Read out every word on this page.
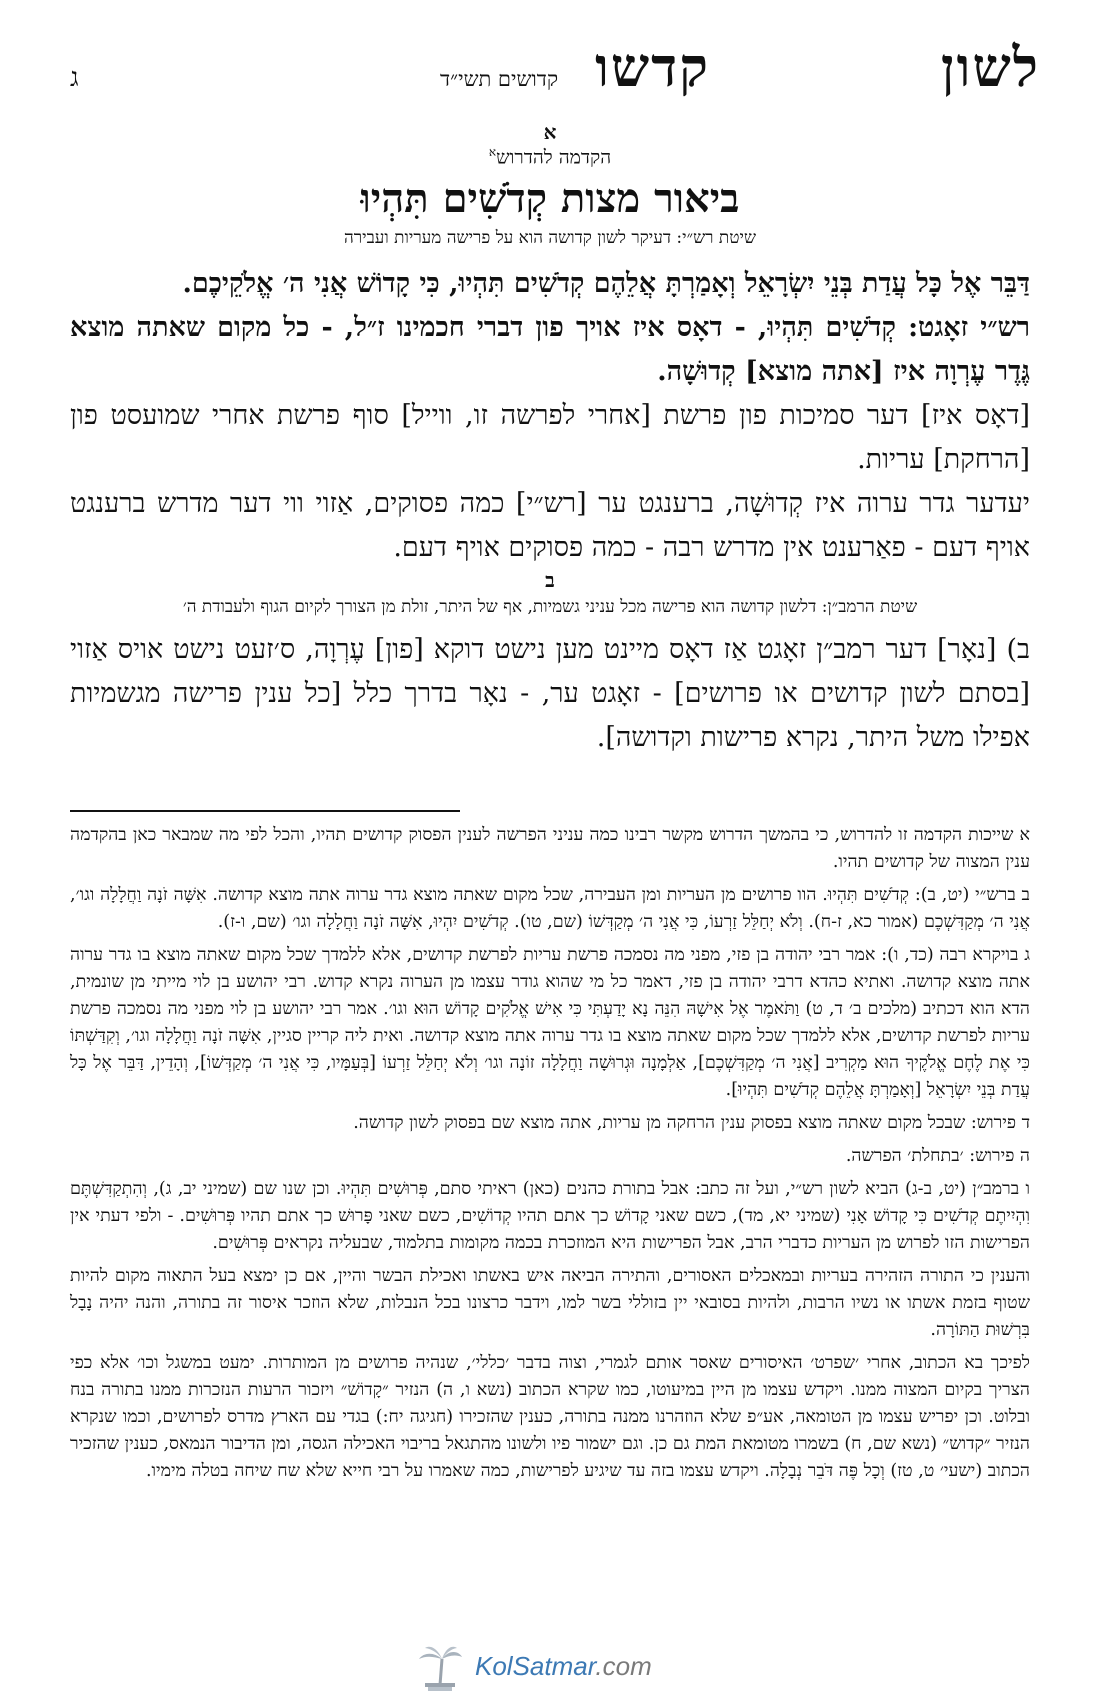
לשון
קדשו
קדושים תשי״ד
ג
א
הקדמה להדרוש$^א$
ביאור מצות קְדֹשִׁים תִּהְיוּ
שיטת רש״י: דעיקר לשון קדושה הוא על פרישה מעריות ועבירה
דַּבֵּר אֶל כָּל עֲדַת בְּנֵי יִשְׂרָאֵל וְאָמַרְתָּ אֲלֵהֶם קְדֹשִׁים תִּהְיוּ, כִּי קָדוֹשׁ אֲנִי ה׳ אֱלֹקֵיכֶם.
רש״י זאָגט: קְדֹשִׁים תִּהְיוּ, - דאָס איז אויך פון דברי חכמינו ז״ל, - כל מקום שאתה מוצא גֶּדֶר עֶרְוָה איז [אתה מוצא] קְדוּשָׁה.
[דאָס איז] דער סמיכות פון פרשת [אחרי לפרשה זו, ווייל] סוף פרשת אחרי שמועסט פון [הרחקת] עריות.
יעדער גדר ערוה איז קְדוּשָׁה, ברענגט ער [רש״י] כמה פסוקים, אַזוי ווי דער מדרש ברענגט אויף דעם - פאַרענט אין מדרש רבה - כמה פסוקים אויף דעם.
ב
שיטת הרמב״ן: דלשון קדושה הוא פרישה מכל עניני גשמיות, אף של היתר, זולת מן הצורך לקיום הגוף ולעבודת ה׳
ב) [נאָר] דער רמב״ן זאָגט אַז דאָס מיינט מען נישט דוקא [פון] עֶרְוָה, ס׳זעט נישט אויס אַזוי [בסתם לשון קדושים או פרושים] - זאָגט ער, - נאָר בדרך כלל [כל ענין פרישה מגשמיות אפילו משל היתר, נקרא פרישות וקדושה].

א שייכות הקדמה זו להדרוש, כי בהמשך הדרוש מקשר רבינו כמה עניני הפרשה לענין הפסוק קדושים תהיו, והכל לפי מה שמבאר כאן בהקדמה ענין המצוה של קדושים תהיו.

ב ברש״י (יט, ב): קְדֹשִׁים תִּהְיוּ. הוו פרושים מן העריות ומן העבירה, שכל מקום שאתה מוצא גדר ערוה אתה מוצא קדושה. אִשָּׁה זֹנָה וַחֲלָלָה וגו׳, אֲנִי ה׳ מְקַדִּשְׁכֶם (אמור כא, ז-ח). וְלֹא יְחַלֵּל זַרְעוֹ, כִּי אֲנִי ה׳ מְקַדְּשׁוֹ (שם, טו). קְדֹשִׁים יִהְיוּ, אִשָּׁה זֹנָה וַחֲלָלָה וגו׳ (שם, ו-ז).

ג בויקרא רבה (כד, ו): אמר רבי יהודה בן פזי, מפני מה נסמכה פרשת עריות לפרשת קדושים, אלא ללמדך שכל מקום שאתה מוצא בו גדר ערוה אתה מוצא קדושה. ואתיא כהדא דרבי יהודה בן פזי, דאמר כל מי שהוא גודר עצמו מן הערוה נקרא קדוש. רבי יהושע בן לוי מייתי מן שונמית, הדא הוא דכתיב (מלכים ב׳ ד, ט) וַתֹּאמֶר אֶל אִישָׁהּ הִנֵּה נָא יָדַעְתִּי כִּי אִישׁ אֱלֹקִים קָדוֹשׁ הוּא וגו׳. אמר רבי יהושע בן לוי מפני מה נסמכה פרשת עריות לפרשת קדושים, אלא ללמדך שכל מקום שאתה מוצא בו גדר ערוה אתה מוצא קדושה. ואית ליה קריין סגיין, אִשָּׁה זֹנָה וַחֲלָלָה וגו׳, וְקִדַּשְׁתּוֹ כִּי אֶת לֶחֶם אֱלֹקֶיךָ הוּא מַקְרִיב [אֲנִי ה׳ מְקַדִּשְׁכֶם], אַלְמָנָה וּגְרוּשָׁה וַחֲלָלָה זוֹנָה וגו׳ וְלֹא יְחַלֵּל זַרְעוֹ [בְּעַמָּיו, כִּי אֲנִי ה׳ מְקַדְּשׁוֹ], וְהָדֵין, דַּבֵּר אֶל כָּל עֲדַת בְּנֵי יִשְׂרָאֵל [וְאָמַרְתָּ אֲלֵהֶם קְדֹשִׁים תִּהְיוּ].

ד פירוש: שבכל מקום שאתה מוצא בפסוק ענין הרחקה מן עריות, אתה מוצא שם בפסוק לשון קדושה.

ה פירוש: ׳בתחלת׳ הפרשה.

ו ברמב״ן (יט, ב-ג) הביא לשון רש״י, ועל זה כתב: אבל בתורת כהנים (כאן) ראיתי סתם, פְּרוּשִׁים תִּהְיוּ. וכן שנו שם (שמיני יב, ג), וְהִתְקַדִּשְׁתֶּם וִהְיִיתֶם קְדֹשִׁים כִּי קָדוֹשׁ אָנִי (שמיני יא, מד), כשם שאני קָדוֹשׁ כך אתם תהיו קְדוֹשִׁים, כשם שאני פָּרוּשׁ כך אתם תהיו פְּרוּשִׁים. - ולפי דעתי אין הפרישות הזו לפרוש מן העריות כדברי הרב, אבל הפרישות היא המוזכרת בכמה מקומות בתלמוד, שבעליה נקראים פְּרוּשִׁים.

והענין כי התורה הזהירה בעריות ובמאכלים האסורים, והתירה הביאה איש באשתו ואכילת הבשר והיין, אם כן ימצא בעל התאוה מקום להיות שטוף בזמת אשתו או נשיו הרבות, ולהיות בסובאי יין בזוללי בשר למו, וידבר כרצונו בכל הנבלות, שלא הוזכר איסור זה בתורה, והנה יהיה נָבָל בִּרְשׁוּת הַתּוֹרָה.

לפיכך בא הכתוב, אחרי ׳שפרט׳ האיסורים שאסר אותם לגמרי, וצוה בדבר ׳כללי׳, שנהיה פרושים מן המותרות. ימעט במשגל וכו׳ אלא כפי הצריך בקיום המצוה ממנו. ויקדש עצמו מן היין במיעוטו, כמו שקרא הכתוב (נשא ו, ה) הנזיר ״קָדוֹשׁ״ ויזכור הרעות הנזכרות ממנו בתורה בנח ובלוט. וכן יפריש עצמו מן הטומאה, אע״פ שלא הוזהרנו ממנה בתורה, כענין שהזכירו (חגיגה יח:) בגדי עם הארץ מדרס לפרושים, וכמו שנקרא הנזיר ״קדוש״ (נשא שם, ח) בשמרו מטומאת המת גם כן. וגם ישמור פיו ולשונו מהתגאל בריבוי האכילה הגסה, ומן הדיבור הנמאס, כענין שהזכיר הכתוב (ישעי׳ ט, טז) וְכָל פֶּה דֹּבֵר נְבָלָה. ויקדש עצמו בזה עד שיגיע לפרישות, כמה שאמרו על רבי חייא שלא שח שיחה בטלה מימיו.

KolSatmar.com
